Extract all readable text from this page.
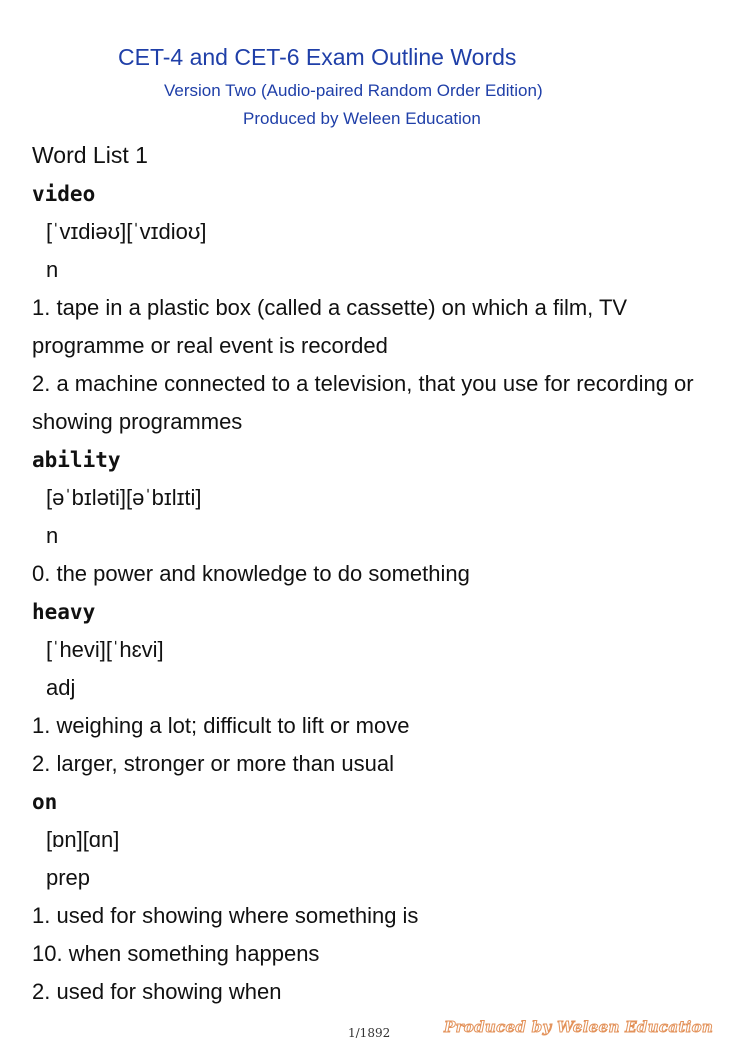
CET-4 and CET-6 Exam Outline Words
Version Two (Audio-paired Random Order Edition)
Produced by Weleen Education
Word List 1
video
[ˈvɪdiəʊ][ˈvɪdioʊ]
n
1. tape in a plastic box (called a cassette) on which a film, TV programme or real event is recorded
2. a machine connected to a television, that you use for recording or showing programmes
ability
[əˈbɪləti][əˈbɪlɪti]
n
0. the power and knowledge to do something
heavy
[ˈhevi][ˈhɛvi]
adj
1. weighing a lot; difficult to lift or move
2. larger, stronger or more than usual
on
[ɒn][ɑn]
prep
1. used for showing where something is
10. when something happens
2. used for showing when
1/1892	Produced by Weleen Education
